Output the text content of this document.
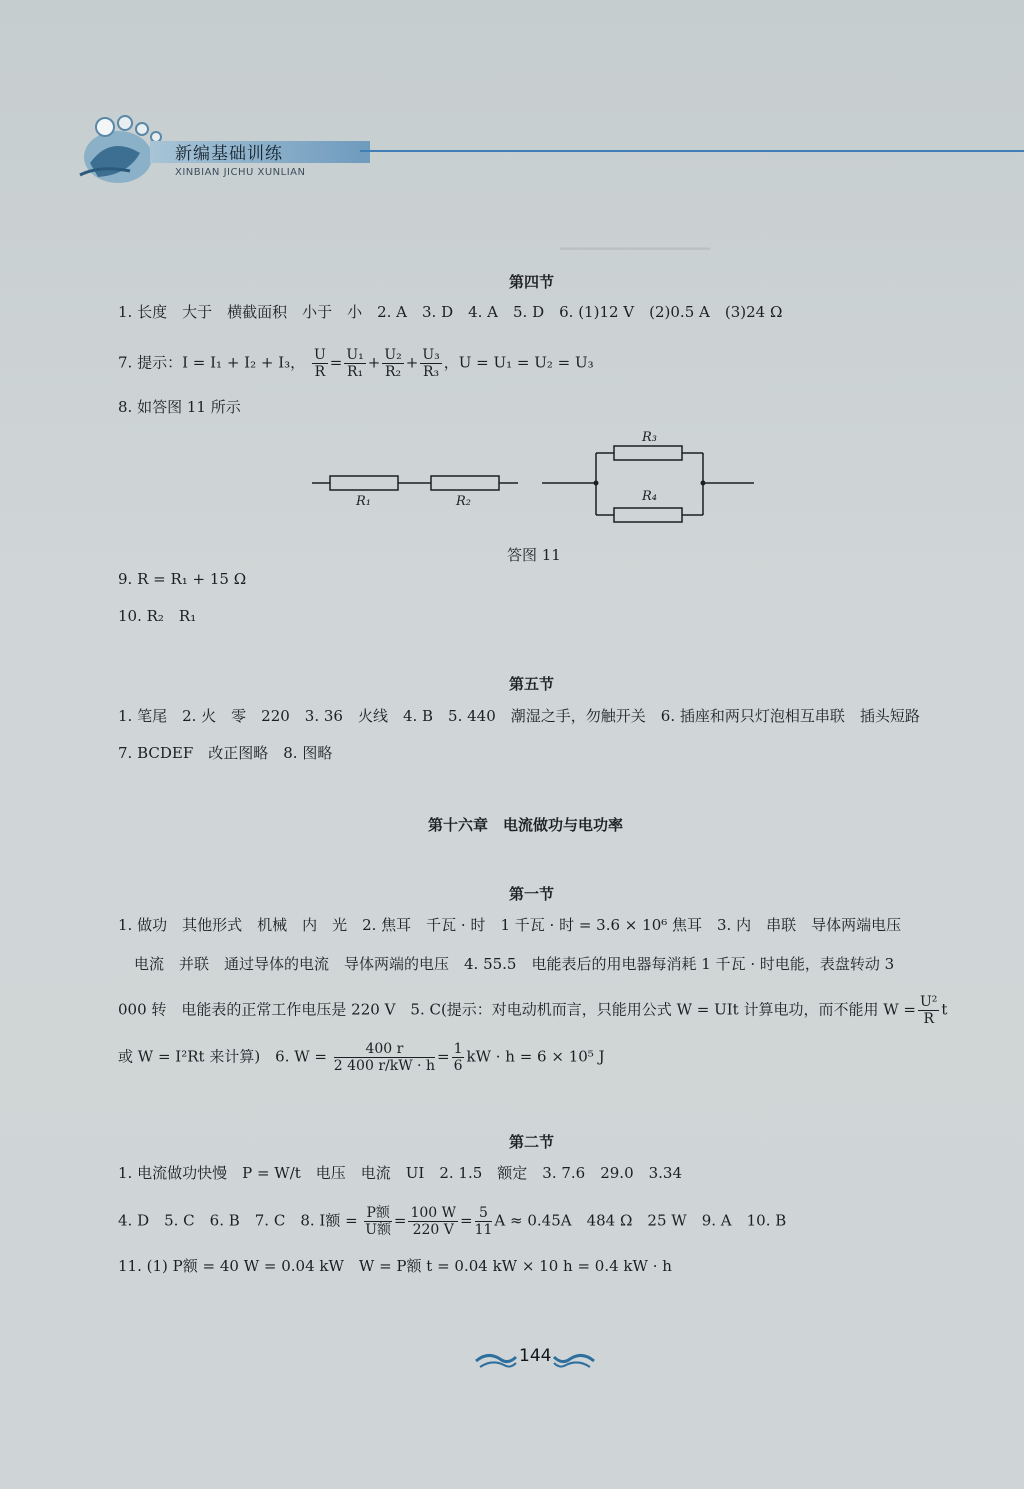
▁▁▁▁▁▁▁▁▁▁▁▁▁
新编基础训练
XINBIAN JICHU XUNLIAN
第四节
1. 长度　大于　横截面积　小于　小　2. A　3. D　4. A　5. D　6. (1)12 V　(2)0.5 A　(3)24 Ω
7. 提示：I = I₁ + I₂ + I₃， $\frac{U}{R} = \frac{\text{U₁}}{\text{R₁}} + \frac{\text{U₂}}{\text{R₂}} + \frac{\text{U₃}}{\text{R₃}}$ ，U = U₁ = U₂ = U₃
8. 如答图 11 所示
R₁	R₂
R₃
R₄
答图 11
9. R = R₁ + 15 Ω
10. R₂　R₁
第五节
1. 笔尾　2. 火　零　220　3. 36　火线　4. B　5. 440　潮湿之手，勿触开关　6. 插座和两只灯泡相互串联　插头短路
7. BCDEF　改正图略　8. 图略
第十六章　电流做功与电功率
第一节
1. 做功　其他形式　机械　内　光　2. 焦耳　千瓦 · 时　1 千瓦 · 时 = 3.6 × 10⁶ 焦耳　3. 内　串联　导体两端电压
电流　并联　通过导体的电流　导体两端的电压　4. 55.5　电能表后的用电器每消耗 1 千瓦 · 时电能，表盘转动 3
000 转　电能表的正常工作电压是 220 V　5. C(提示：对电动机而言，只能用公式 W = UIt 计算电功，而不能用 $W = \frac{\text{U²}}{R}$ t
或 W = I²Rt 来计算)　6. $W = \frac{400 r}{2 400 r/kW \cdot h} = \frac{1}{6}$ kW · h = 6 × 10⁵ J
第二节
1. 电流做功快慢　P = W/t　电压　电流　UI　2. 1.5　额定　3. 7.6　29.0　3.34
4. D　5. C　6. B　7. C　8. I额 = $\frac{\text{P额}}{\text{U额}} = \frac{100 W}{220 V} = \frac{5}{11}$ A ≈ 0.45A　484 Ω　25 W　9. A　10. B
11. (1) P额 = 40 W = 0.04 kW　W = P额 t = 0.04 kW × 10 h = 0.4 kW · h
144
